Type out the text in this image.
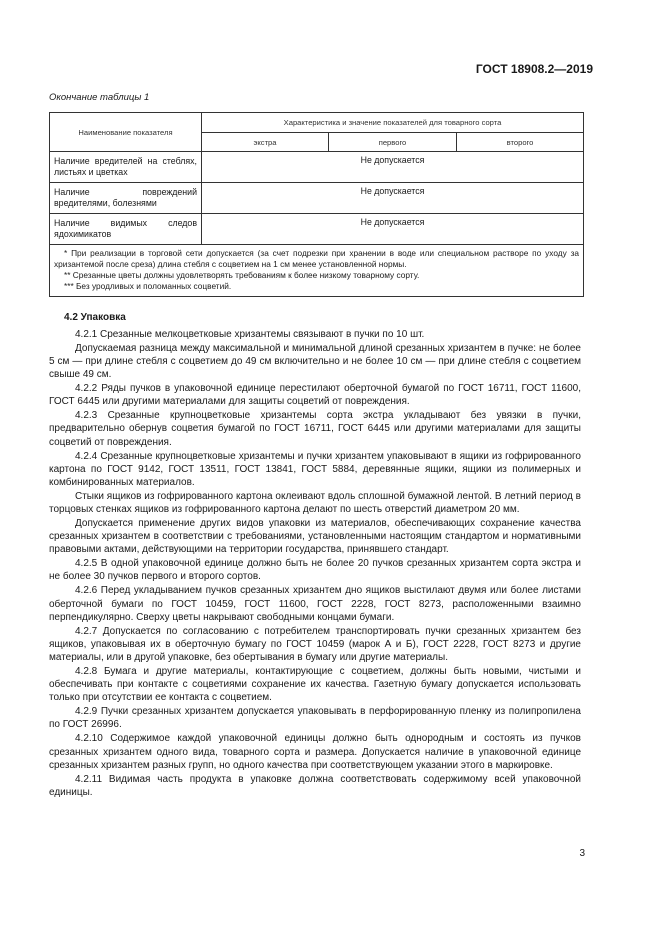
ГОСТ 18908.2—2019
Окончание таблицы 1
Наименование показателя	Характеристика и значение показателей для товарного сорта		
	экстра	первого	второго
Наличие вредителей на стеблях, листьях и цветках	Не допускается		
Наличие повреждений вредителями, болезнями	Не допускается		
Наличие видимых следов ядохимикатов	Не допускается		

* При реализации в торговой сети допускается (за счет подрезки при хранении в воде или специальном растворе по уходу за хризантемой после среза) длина стебля с соцветием на 1 см менее установленной нормы.
** Срезанные цветы должны удовлетворять требованиям к более низкому товарному сорту.
*** Без уродливых и поломанных соцветий.			
4.2 Упаковка

4.2.1 Срезанные мелкоцветковые хризантемы связывают в пучки по 10 шт.

Допускаемая разница между максимальной и минимальной длиной срезанных хризантем в пучке: не более 5 см — при длине стебля с соцветием до 49 см включительно и не более 10 см — при длине стебля с соцветием свыше 49 см.

4.2.2 Ряды пучков в упаковочной единице перестилают оберточной бумагой по ГОСТ 16711, ГОСТ 11600, ГОСТ 6445 или другими материалами для защиты соцветий от повреждения.

4.2.3 Срезанные крупноцветковые хризантемы сорта экстра укладывают без увязки в пучки, предварительно обернув соцветия бумагой по ГОСТ 16711, ГОСТ 6445 или другими материалами для защиты соцветий от повреждения.

4.2.4 Срезанные крупноцветковые хризантемы и пучки хризантем упаковывают в ящики из гофрированного картона по ГОСТ 9142, ГОСТ 13511, ГОСТ 13841, ГОСТ 5884, деревянные ящики, ящики из полимерных и комбинированных материалов.

Стыки ящиков из гофрированного картона оклеивают вдоль сплошной бумажной лентой. В летний период в торцовых стенках ящиков из гофрированного картона делают по шесть отверстий диаметром 20 мм.

Допускается применение других видов упаковки из материалов, обеспечивающих сохранение качества срезанных хризантем в соответствии с требованиями, установленными настоящим стандартом и нормативными правовыми актами, действующими на территории государства, принявшего стандарт.

4.2.5 В одной упаковочной единице должно быть не более 20 пучков срезанных хризантем сорта экстра и не более 30 пучков первого и второго сортов.

4.2.6 Перед укладыванием пучков срезанных хризантем дно ящиков выстилают двумя или более листами оберточной бумаги по ГОСТ 10459, ГОСТ 11600, ГОСТ 2228, ГОСТ 8273, расположенными взаимно перпендикулярно. Сверху цветы накрывают свободными концами бумаги.

4.2.7 Допускается по согласованию с потребителем транспортировать пучки срезанных хризантем без ящиков, упаковывая их в оберточную бумагу по ГОСТ 10459 (марок А и Б), ГОСТ 2228, ГОСТ 8273 и другие материалы, или в другой упаковке, без обертывания в бумагу или другие материалы.

4.2.8 Бумага и другие материалы, контактирующие с соцветием, должны быть новыми, чистыми и обеспечивать при контакте с соцветиями сохранение их качества. Газетную бумагу допускается использовать только при отсутствии ее контакта с соцветием.

4.2.9 Пучки срезанных хризантем допускается упаковывать в перфорированную пленку из полипропилена по ГОСТ 26996.

4.2.10 Содержимое каждой упаковочной единицы должно быть однородным и состоять из пучков срезанных хризантем одного вида, товарного сорта и размера. Допускается наличие в упаковочной единице срезанных хризантем разных групп, но одного качества при соответствующем указании этого в маркировке.

4.2.11 Видимая часть продукта в упаковке должна соответствовать содержимому всей упаковочной единицы.

3
